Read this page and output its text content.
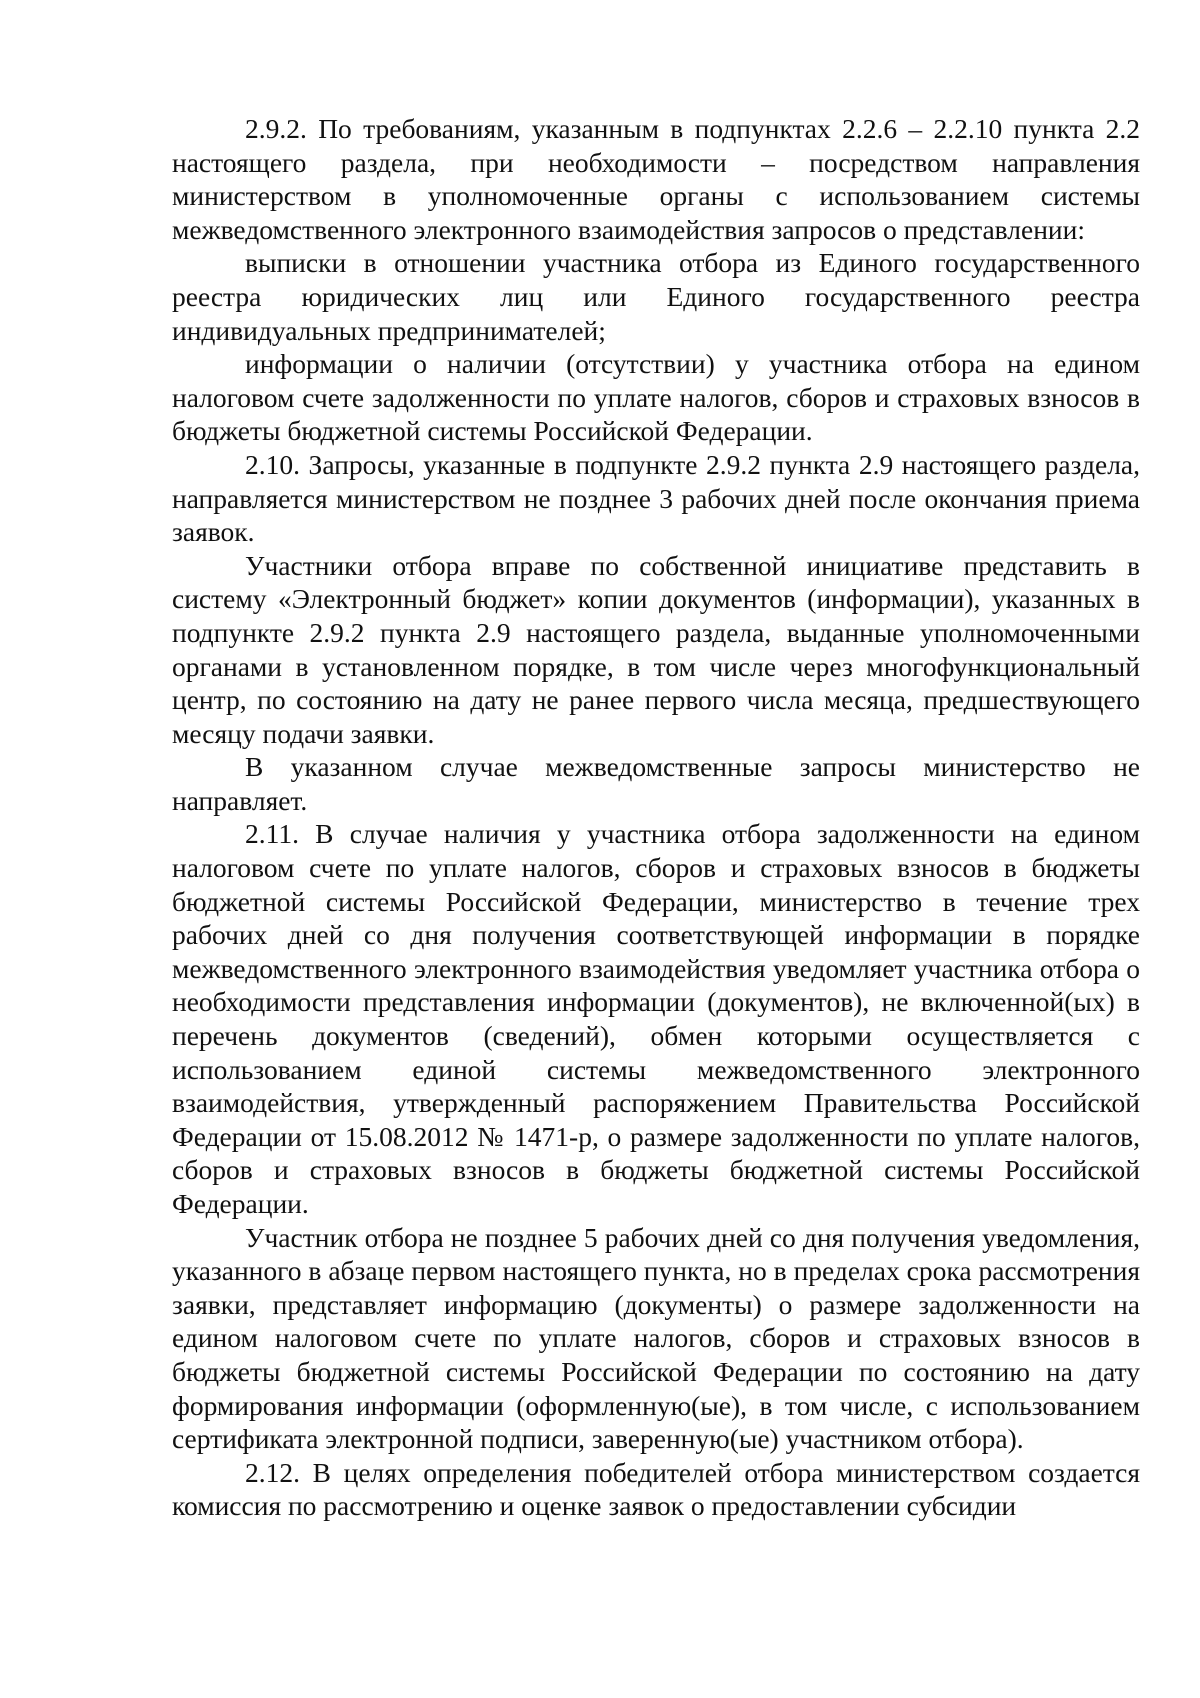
2.9.2. По требованиям, указанным в подпунктах 2.2.6 – 2.2.10 пункта 2.2 настоящего раздела, при необходимости – посредством направления министерством в уполномоченные органы с использованием системы межведомственного электронного взаимодействия запросов о представлении:

выписки в отношении участника отбора из Единого государственного реестра юридических лиц или Единого государственного реестра индивидуальных предпринимателей;

информации о наличии (отсутствии) у участника отбора на едином налоговом счете задолженности по уплате налогов, сборов и страховых взносов в бюджеты бюджетной системы Российской Федерации.

2.10. Запросы, указанные в подпункте 2.9.2 пункта 2.9 настоящего раздела, направляется министерством не позднее 3 рабочих дней после окончания приема заявок.

Участники отбора вправе по собственной инициативе представить в систему «Электронный бюджет» копии документов (информации), указанных в подпункте 2.9.2 пункта 2.9 настоящего раздела, выданные уполномоченными органами в установленном порядке, в том числе через многофункциональный центр, по состоянию на дату не ранее первого числа месяца, предшествующего месяцу подачи заявки.

В указанном случае межведомственные запросы министерство не направляет.

2.11. В случае наличия у участника отбора задолженности на едином налоговом счете по уплате налогов, сборов и страховых взносов в бюджеты бюджетной системы Российской Федерации, министерство в течение трех рабочих дней со дня получения соответствующей информации в порядке межведомственного электронного взаимодействия уведомляет участника отбора о необходимости представления информации (документов), не включенной(ых) в перечень документов (сведений), обмен которыми осуществляется с использованием единой системы межведомственного электронного взаимодействия, утвержденный распоряжением Правительства Российской Федерации от 15.08.2012 № 1471-р, о размере задолженности по уплате налогов, сборов и страховых взносов в бюджеты бюджетной системы Российской Федерации.

Участник отбора не позднее 5 рабочих дней со дня получения уведомления, указанного в абзаце первом настоящего пункта, но в пределах срока рассмотрения заявки, представляет информацию (документы) о размере задолженности на едином налоговом счете по уплате налогов, сборов и страховых взносов в бюджеты бюджетной системы Российской Федерации по состоянию на дату формирования информации (оформленную(ые), в том числе, с использованием сертификата электронной подписи, заверенную(ые) участником отбора).

2.12. В целях определения победителей отбора министерством создается комиссия по рассмотрению и оценке заявок о предоставлении субсидии
